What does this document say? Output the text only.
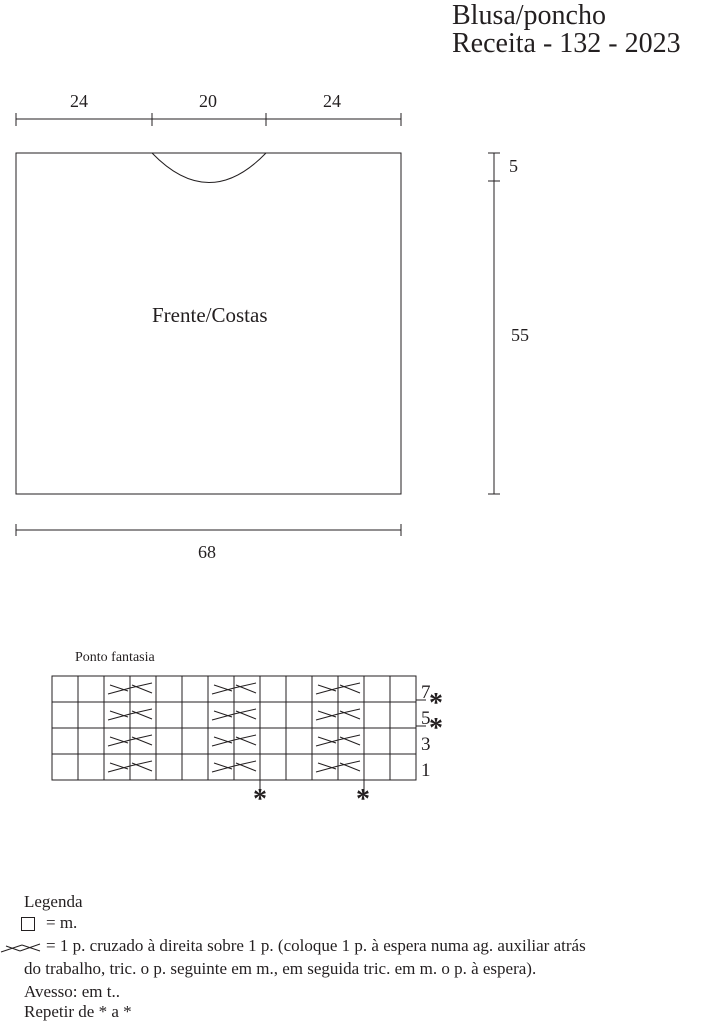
Blusa/poncho
Receita - 132 - 2023
24	20	24
5
55
68
Frente/Costas
Ponto fantasia
7
5
3
1
*
*
*	*
Legenda
= m.
= 1 p. cruzado à direita sobre 1 p. (coloque 1 p. à espera numa ag. auxiliar atrás
do trabalho, tric. o p. seguinte em m., em seguida tric. em m. o p. à espera).
Avesso: em t..
Repetir de * a *
